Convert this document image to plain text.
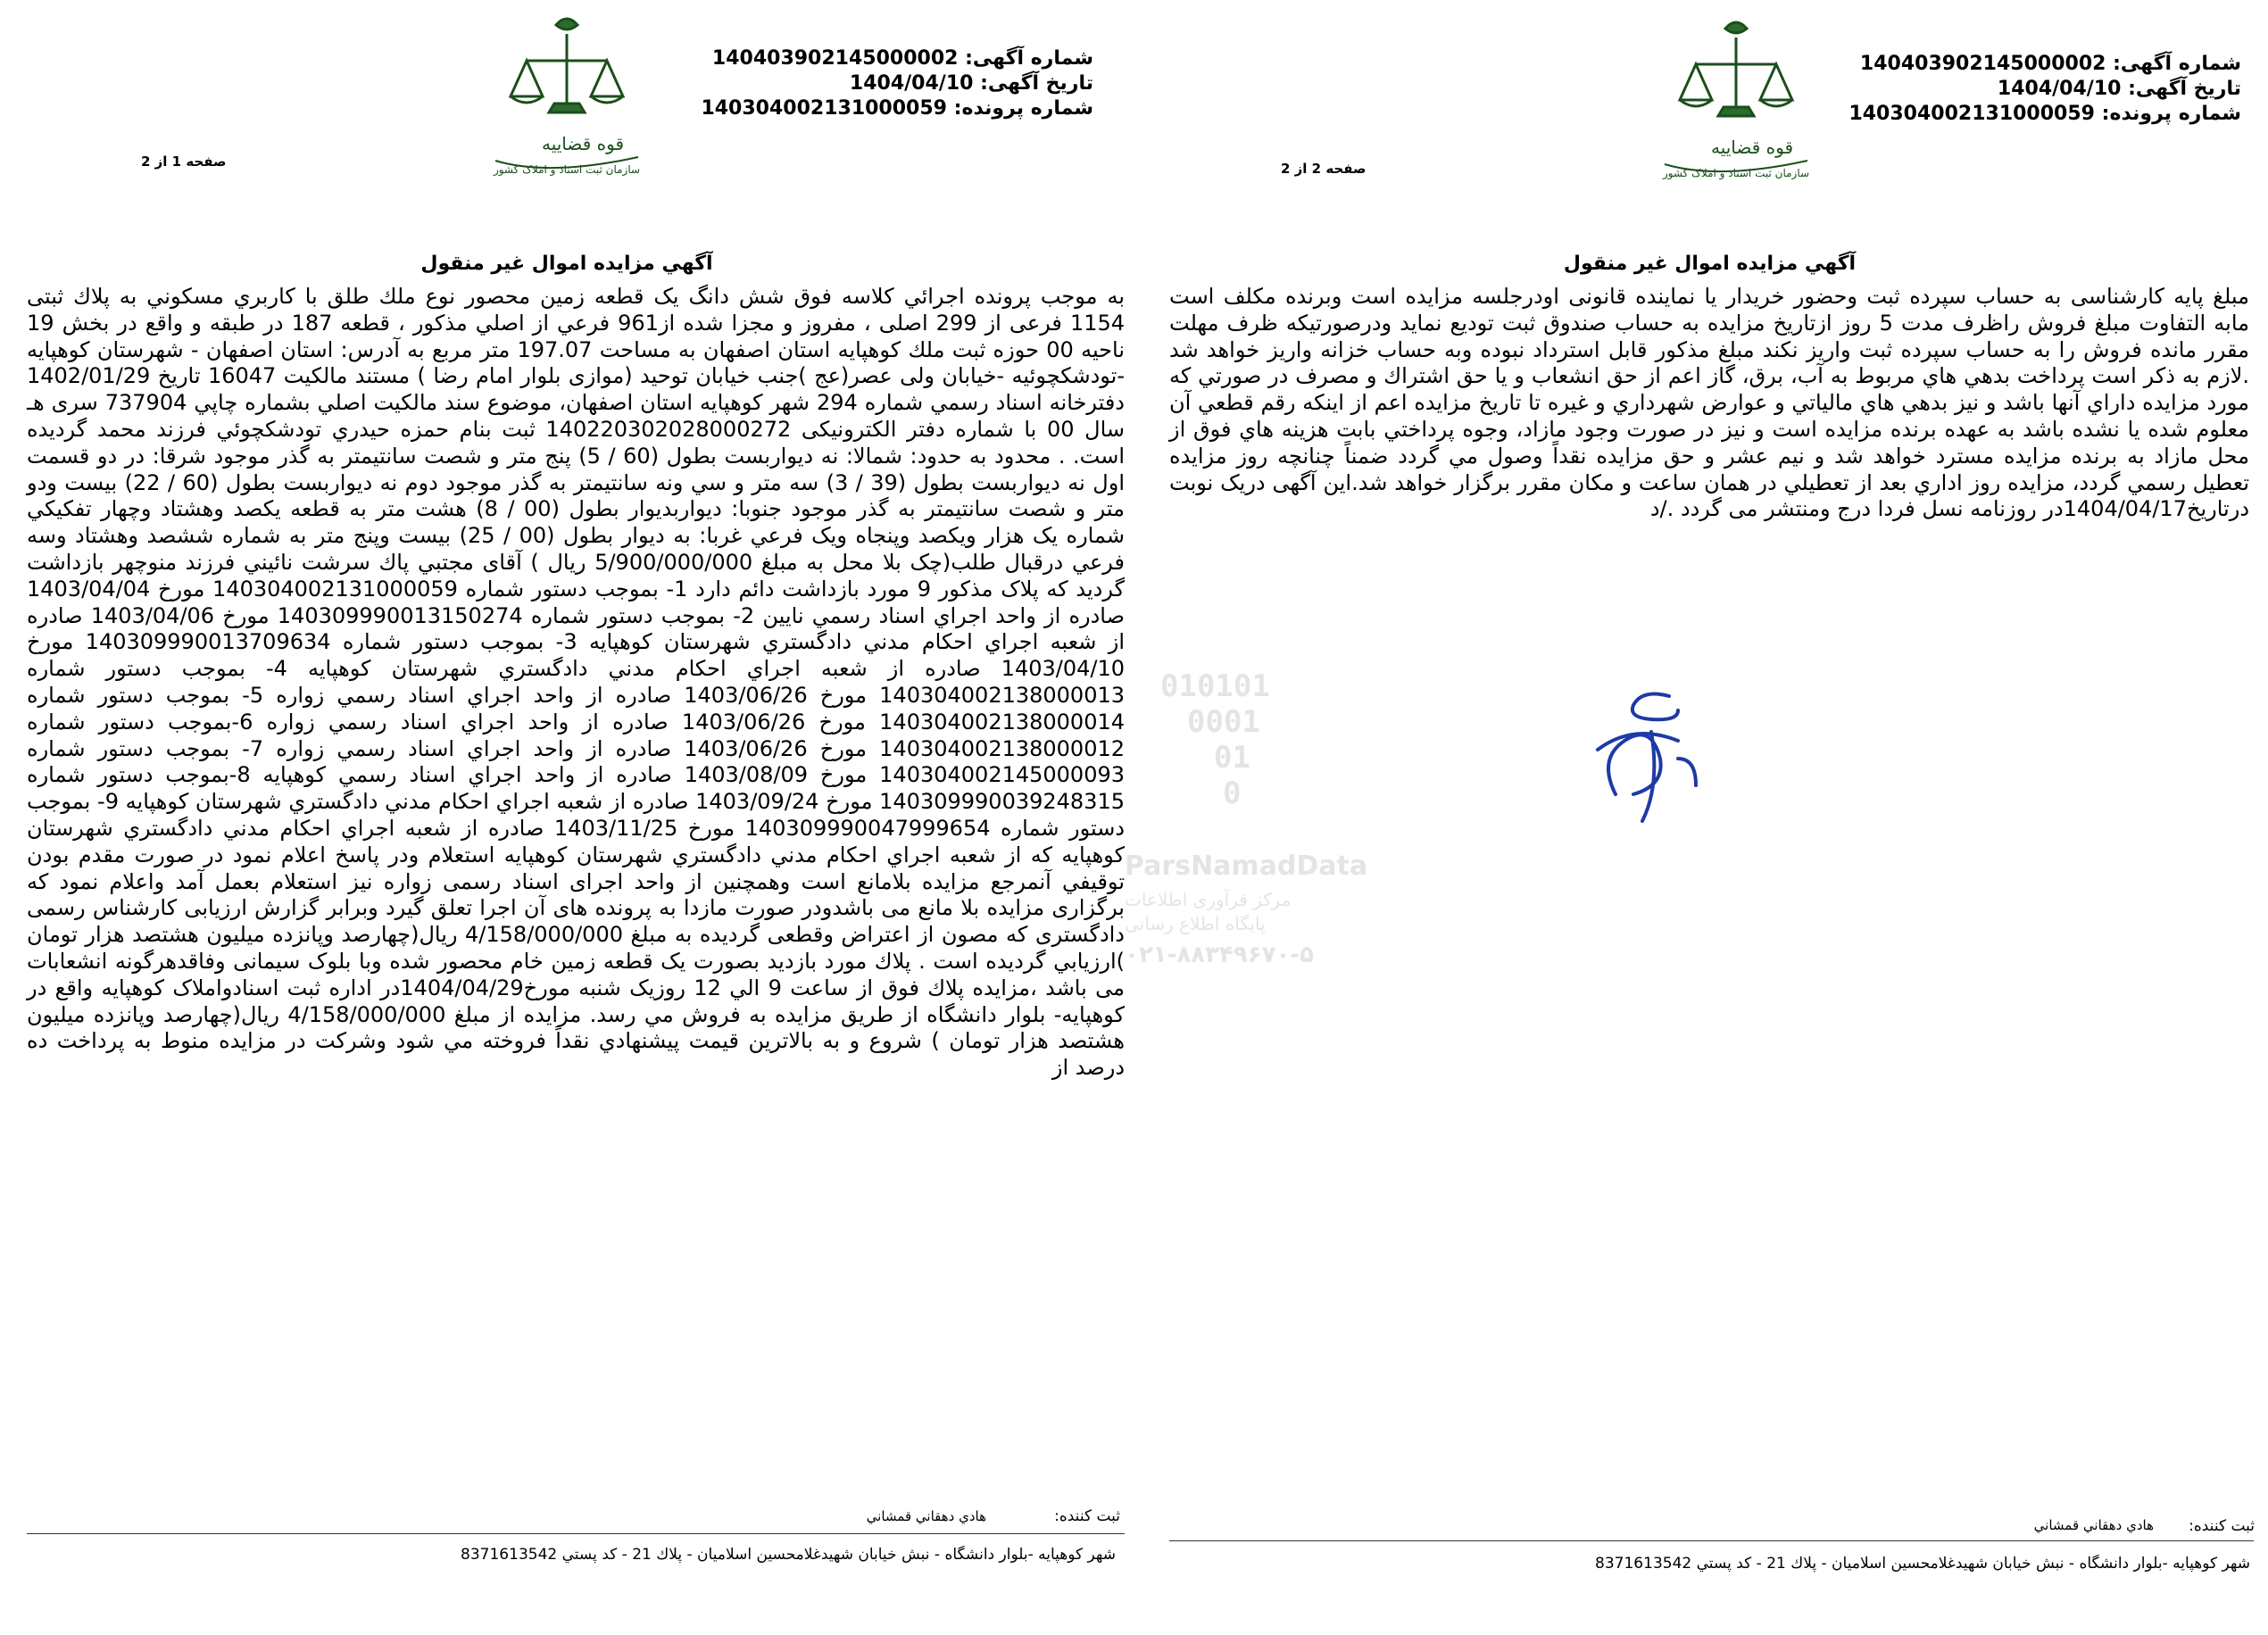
شماره آگهی: 140403902145000002
تاریخ آگهی: 1404/04/10
شماره پرونده: 140304002131000059
قوه قضاییه
سازمان ثبت اسناد و املاک کشور
صفحه 1 از 2
آگهي مزايده اموال غير منقول

به موجب پرونده اجرائي كلاسه فوق شش دانگ یک قطعه زمين محصور نوع ملك طلق با كاربري مسكوني به پلاك ثبتی 1154 فرعی از 299 اصلی ، مفروز و مجزا شده از961 فرعي از اصلي مذكور ، قطعه 187 در طبقه و واقع در بخش 19 ناحيه 00 حوزه ثبت ملك كوهپايه استان اصفهان به مساحت 197.07 متر مربع به آدرس: استان اصفهان - شهرستان كوهپايه -تودشكچوئيه -خيابان ولی عصر(عج )جنب خيابان توحيد (موازی بلوار امام رضا ) مستند مالکیت 16047 تاريخ 1402/01/29 دفترخانه اسناد رسمي شماره 294 شهر كوهپايه استان اصفهان، موضوع سند مالکیت اصلي بشماره چاپي 737904 سری هـ سال 00 با شماره دفتر الكترونيكی 140220302028000272 ثبت بنام حمزه حيدري تودشكچوئي فرزند محمد گرديده است. . محدود به حدود: شمالا: نه ديواربست بطول (60 / 5) پنج متر و شصت سانتيمتر به گذر موجود شرقا: در دو قسمت اول نه ديواربست بطول (39 / 3) سه متر و سي ونه سانتيمتر به گذر موجود دوم نه ديواربست بطول (60 / 22) بيست ودو متر و شصت سانتيمتر به گذر موجود جنوبا: ديواربديوار بطول (00 / 8) هشت متر به قطعه یکصد وهشتاد وچهار تفكيكي شماره يک هزار ويكصد وپنجاه ويک فرعي غربا: به ديوار بطول (00 / 25) بيست وپنج متر به شماره ششصد وهشتاد وسه فرعي درقبال طلب(چک بلا محل به مبلغ 5/900/000/000 ريال ) آقای مجتبي پاك سرشت نائيني فرزند منوچهر بازداشت گرديد كه پلاک مذكور 9 مورد بازداشت دائم دارد 1- بموجب دستور شماره 140304002131000059 مورخ 1403/04/04 صادره از واحد اجراي اسناد رسمي نايين 2- بموجب دستور شماره 140309990013150274 مورخ 1403/04/06 صادره از شعبه اجراي احكام مدني دادگستري شهرستان كوهپايه 3- بموجب دستور شماره 140309990013709634 مورخ 1403/04/10 صادره از شعبه اجراي احكام مدني دادگستري شهرستان كوهپايه 4- بموجب دستور شماره 140304002138000013 مورخ 1403/06/26 صادره از واحد اجراي اسناد رسمي زواره 5- بموجب دستور شماره 140304002138000014 مورخ 1403/06/26 صادره از واحد اجراي اسناد رسمي زواره 6-بموجب دستور شماره 140304002138000012 مورخ 1403/06/26 صادره از واحد اجراي اسناد رسمي زواره 7- بموجب دستور شماره 140304002145000093 مورخ 1403/08/09 صادره از واحد اجراي اسناد رسمي كوهپايه 8-بموجب دستور شماره 140309990039248315 مورخ 1403/09/24 صادره از شعبه اجراي احكام مدني دادگستري شهرستان كوهپايه 9- بموجب دستور شماره 140309990047999654 مورخ 1403/11/25 صادره از شعبه اجراي احكام مدني دادگستري شهرستان كوهپايه كه از شعبه اجراي احكام مدني دادگستري شهرستان كوهپايه استعلام ودر پاسخ اعلام نمود در صورت مقدم بودن توقيفي آنمرجع مزايده بلامانع است وهمچنين از واحد اجرای اسناد رسمی زواره نيز استعلام بعمل آمد واعلام نمود كه برگزاری مزايده بلا مانع می باشدودر صورت مازدا به پرونده های آن اجرا تعلق گيرد وبرابر گزارش ارزيابی كارشناس رسمی دادگستری كه مصون از اعتراض وقطعی گرديده به مبلغ 4/158/000/000 ريال(چهارصد وپانزده ميليون هشتصد هزار تومان )ارزيابي گرديده است . پلاك مورد بازديد بصورت يک قطعه زمين خام محصور شده وبا بلوک سيمانی وفاقدهرگونه انشعابات می باشد ،مزايده پلاك فوق از ساعت 9 الي 12 روزيک شنبه مورخ1404/04/29در اداره ثبت اسنادواملاک كوهپايه واقع در كوهپايه- بلوار دانشگاه از طريق مزايده به فروش مي رسد. مزايده از مبلغ 4/158/000/000 ريال(چهارصد وپانزده ميليون هشتصد هزار تومان ) شروع و به بالاترين قيمت پيشنهادي نقداً فروخته مي شود وشركت در مزايده منوط به پرداخت ده درصد از

ثبت كننده:
هادي دهقاني قمشاني
شهر كوهپايه -بلوار دانشگاه - نبش خيابان شهيدغلامحسين اسلاميان - پلاك 21 - كد پستي 8371613542
شماره آگهی: 140403902145000002
تاریخ آگهی: 1404/04/10
شماره پرونده: 140304002131000059
قوه قضاییه
سازمان ثبت اسناد و املاک کشور
صفحه 2 از 2
آگهي مزايده اموال غير منقول

مبلغ پایه کارشناسی به حساب سپرده ثبت وحضور خريدار يا نماينده قانونی اودرجلسه مزايده است وبرنده مكلف است مابه التفاوت مبلغ فروش راظرف مدت 5 روز ازتاريخ مزايده به حساب صندوق ثبت توديع نمايد ودرصورتیكه ظرف مهلت مقرر مانده فروش را به حساب سپرده ثبت واريز نكند مبلغ مذكور قابل استرداد نبوده وبه حساب خزانه واريز خواهد شد .لازم به ذكر است پرداخت بدهي هاي مربوط به آب، برق، گاز اعم از حق انشعاب و يا حق اشتراك و مصرف در صورتي كه مورد مزايده داراي آنها باشد و نيز بدهي هاي مالياتي و عوارض شهرداري و غيره تا تاريخ مزايده اعم از اينكه رقم قطعي آن معلوم شده يا نشده باشد به عهده برنده مزايده است و نيز در صورت وجود مازاد، وجوه پرداختي بابت هزينه هاي فوق از محل مازاد به برنده مزايده مسترد خواهد شد و نيم عشر و حق مزايده نقداً وصول مي گردد ضمناً چنانچه روز مزايده تعطيل رسمي گردد، مزايده روز اداري بعد از تعطيلي در همان ساعت و مكان مقرر برگزار خواهد شد.این آگهی دریک نوبت درتاریخ1404/04/17در روزنامه نسل فردا درج ومنتشر می گردد ./د

ثبت كننده:
هادي دهقاني قمشاني
شهر كوهپايه -بلوار دانشگاه - نبش خيابان شهيدغلامحسين اسلاميان - پلاك 21 - كد پستي 8371613542
010101
0001
01
0
ParsNamadData
مرکز فرآوری اطلاعات
پایگاه اطلاع رسانی
۰۲۱-۸۸۳۴۹۶۷۰-۵
